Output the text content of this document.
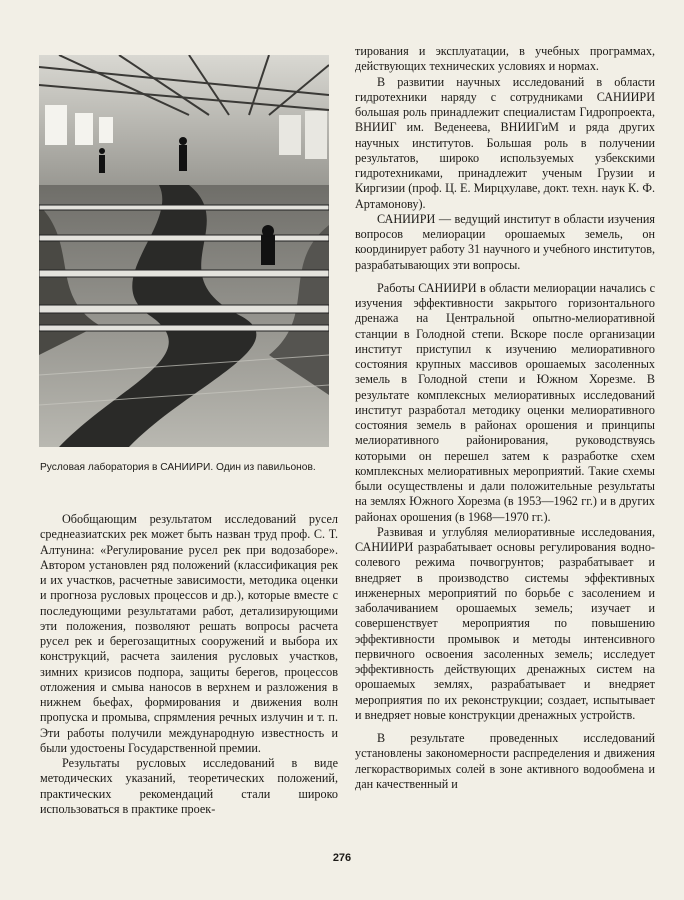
Русловая лаборатория в САНИИРИ. Один из павильонов.

Обобщающим результатом исследований русел среднеазиатских рек может быть назван труд проф. С. Т. Алтунина: «Регулирование русел рек при водозаборе». Автором установлен ряд положений (классификация рек и их участков, расчетные зависимости, методика оценки и прогноза русловых процессов и др.), которые вместе с последующими результатами работ, детализирующими эти положения, позволяют решать вопросы расчета русел рек и берегозащитных сооружений и выбора их конструкций, расчета заиления русловых участков, зимних кризисов подпора, защиты берегов, процессов отложения и смыва наносов в верхнем и разложения в нижнем бьефах, формирования и движения волн пропуска и промыва, спрямления речных излучин и т. п. Эти работы получили международную известность и были удостоены Государственной премии.

Результаты русловых исследований в виде методических указаний, теоретических положений, практических рекомендаций стали широко использоваться в практике проек-

тирования и эксплуатации, в учебных программах, действующих технических условиях и нормах.

В развитии научных исследований в области гидротехники наряду с сотрудниками САНИИРИ большая роль принадлежит специалистам Гидропроекта, ВНИИГ им. Веденеева, ВНИИГиМ и ряда других научных институтов. Большая роль в получении результатов, широко используемых узбекскими гидротехниками, принадлежит ученым Грузии и Киргизии (проф. Ц. Е. Мирцхулаве, докт. техн. наук К. Ф. Артамонову).

САНИИРИ — ведущий институт в области изучения вопросов мелиорации орошаемых земель, он координирует работу 31 научного и учебного институтов, разрабатывающих эти вопросы.

Работы САНИИРИ в области мелиорации начались с изучения эффективности закрытого горизонтального дренажа на Центральной опытно-мелиоративной станции в Голодной степи. Вскоре после организации институт приступил к изучению мелиоративного состояния крупных массивов орошаемых засоленных земель в Голодной степи и Южном Хорезме. В результате комплексных мелиоративных исследований институт разработал методику оценки мелиоративного состояния земель в районах орошения и принципы мелиоративного районирования, руководствуясь которыми он перешел затем к разработке схем комплексных мелиоративных мероприятий. Такие схемы были осуществлены и дали положительные результаты на землях Южного Хорезма (в 1953—1962 гг.) и в других районах орошения (в 1968—1970 гг.).

Развивая и углубляя мелиоративные исследования, САНИИРИ разрабатывает основы регулирования водно-солевого режима почвогрунтов; разрабатывает и внедряет в производство системы эффективных инженерных мероприятий по борьбе с засолением и заболачиванием орошаемых земель; изучает и совершенствует мероприятия по повышению эффективности промывок и методы интенсивного первичного освоения засоленных земель; исследует эффективность действующих дренажных систем на орошаемых землях, разрабатывает и внедряет мероприятия по их реконструкции; создает, испытывает и внедряет новые конструкции дренажных устройств.

В результате проведенных исследований установлены закономерности распределения и движения легкорастворимых солей в зоне активного водообмена и дан качественный и

276
